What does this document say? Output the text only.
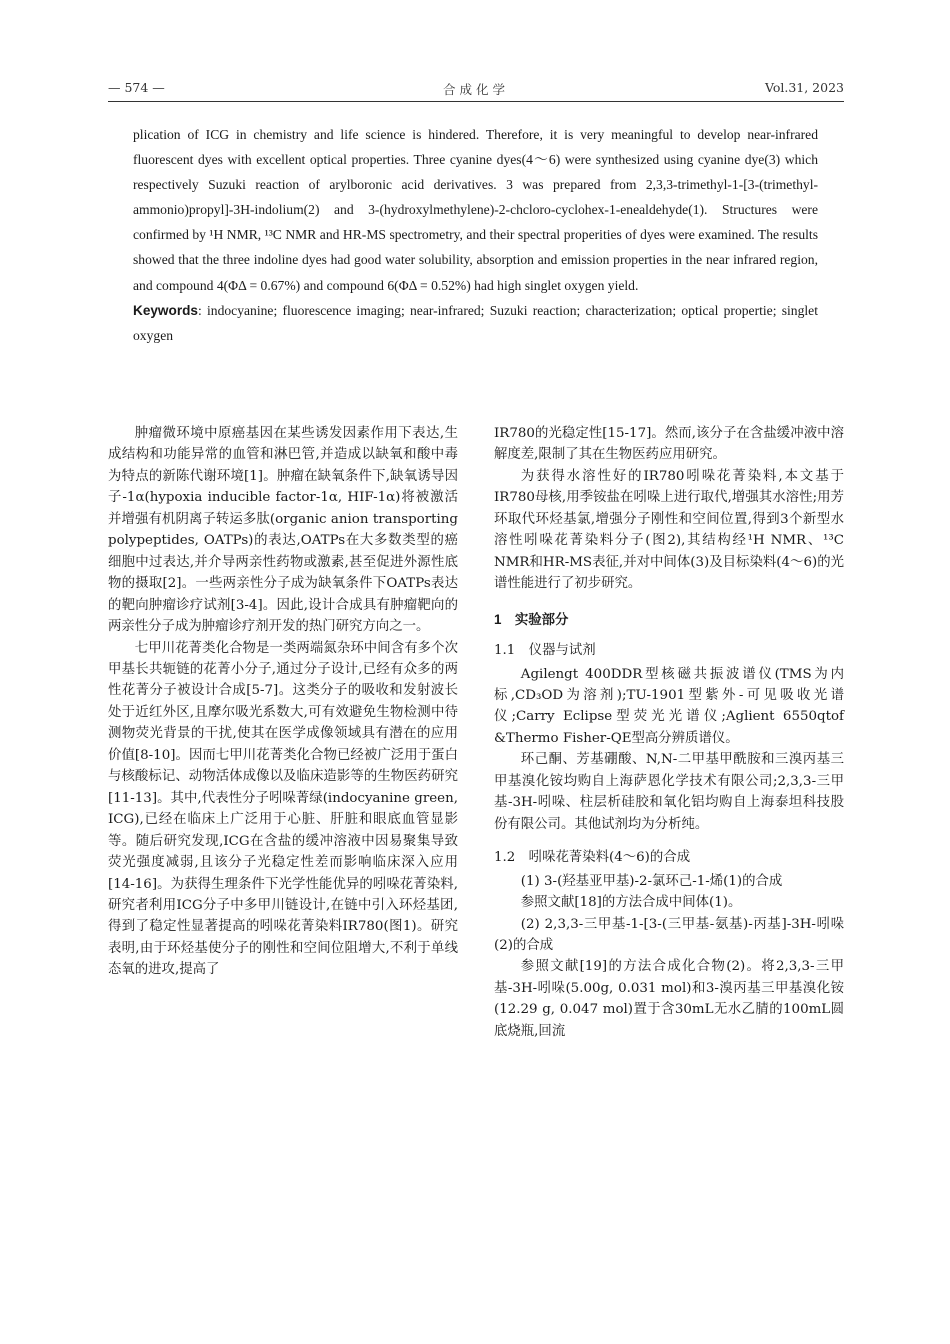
— 574 —	合成化学	Vol.31, 2023

plication of ICG in chemistry and life science is hindered. Therefore, it is very meaningful to develop near-infrared fluorescent dyes with excellent optical properties. Three cyanine dyes(4～6) were synthesized using cyanine dye(3) which respectively Suzuki reaction of arylboronic acid derivatives. 3 was prepared from 2,3,3-trimethyl-1-[3-(trimethyl-ammonio)propyl]-3H-indolium(2) and 3-(hydroxylmethylene)-2-chcloro-cyclohex-1-enealdehyde(1). Structures were confirmed by ¹H NMR, ¹³C NMR and HR-MS spectrometry, and their spectral properities of dyes were examined. The results showed that the three indoline dyes had good water solubility, absorption and emission properties in the near infrared region, and compound 4(ΦΔ = 0.67%) and compound 6(ΦΔ = 0.52%) had high singlet oxygen yield.

Keywords: indocyanine; fluorescence imaging; near-infrared; Suzuki reaction; characterization; optical propertie; singlet oxygen

肿瘤微环境中原癌基因在某些诱发因素作用下表达,生成结构和功能异常的血管和淋巴管,并造成以缺氧和酸中毒为特点的新陈代谢环境[1]。肿瘤在缺氧条件下,缺氧诱导因子-1α(hypoxia inducible factor-1α, HIF-1α)将被激活并增强有机阴离子转运多肽(organic anion transporting polypeptides, OATPs)的表达,OATPs在大多数类型的癌细胞中过表达,并介导两亲性药物或激素,甚至促进外源性底物的摄取[2]。一些两亲性分子成为缺氧条件下OATPs表达的靶向肿瘤诊疗试剂[3-4]。因此,设计合成具有肿瘤靶向的两亲性分子成为肿瘤诊疗剂开发的热门研究方向之一。

七甲川花菁类化合物是一类两端氮杂环中间含有多个次甲基长共轭链的花菁小分子,通过分子设计,已经有众多的两性花菁分子被设计合成[5-7]。这类分子的吸收和发射波长处于近红外区,且摩尔吸光系数大,可有效避免生物检测中待测物荧光背景的干扰,使其在医学成像领域具有潜在的应用价值[8-10]。因而七甲川花菁类化合物已经被广泛用于蛋白与核酸标记、动物活体成像以及临床造影等的生物医药研究[11-13]。其中,代表性分子吲哚菁绿(indocyanine green, ICG),已经在临床上广泛用于心脏、肝脏和眼底血管显影等。随后研究发现,ICG在含盐的缓冲溶液中因易聚集导致荧光强度减弱,且该分子光稳定性差而影响临床深入应用[14-16]。为获得生理条件下光学性能优异的吲哚花菁染料,研究者利用ICG分子中多甲川链设计,在链中引入环烃基团,得到了稳定性显著提高的吲哚花菁染料IR780(图1)。研究表明,由于环烃基使分子的刚性和空间位阻增大,不利于单线态氧的进攻,提高了

IR780的光稳定性[15-17]。然而,该分子在含盐缓冲液中溶解度差,限制了其在生物医药应用研究。

为获得水溶性好的IR780吲哚花菁染料,本文基于IR780母核,用季铵盐在吲哚上进行取代,增强其水溶性;用芳环取代环烃基氯,增强分子刚性和空间位置,得到3个新型水溶性吲哚花菁染料分子(图2),其结构经¹H NMR、¹³C NMR和HR-MS表征,并对中间体(3)及目标染料(4～6)的光谱性能进行了初步研究。

1　实验部分

1.1　仪器与试剂

Agilengt 400DDR型核磁共振波谱仪(TMS为内标,CD₃OD为溶剂);TU-1901型紫外-可见吸收光谱仪;Carry Eclipse型荧光光谱仪;Aglient 6550qtof &Thermo Fisher-QE型高分辨质谱仪。

环己酮、芳基硼酸、N,N-二甲基甲酰胺和三溴丙基三甲基溴化铵均购自上海萨恩化学技术有限公司;2,3,3-三甲基-3H-吲哚、柱层析硅胶和氧化铝均购自上海泰坦科技股份有限公司。其他试剂均为分析纯。

1.2　吲哚花菁染料(4～6)的合成

(1) 3-(羟基亚甲基)-2-氯环己-1-烯(1)的合成

参照文献[18]的方法合成中间体(1)。

(2) 2,3,3-三甲基-1-[3-(三甲基-氨基)-丙基]-3H-吲哚(2)的合成

参照文献[19]的方法合成化合物(2)。将2,3,3-三甲基-3H-吲哚(5.00g, 0.031 mol)和3-溴丙基三甲基溴化铵(12.29 g, 0.047 mol)置于含30mL无水乙腈的100mL圆底烧瓶,回流
